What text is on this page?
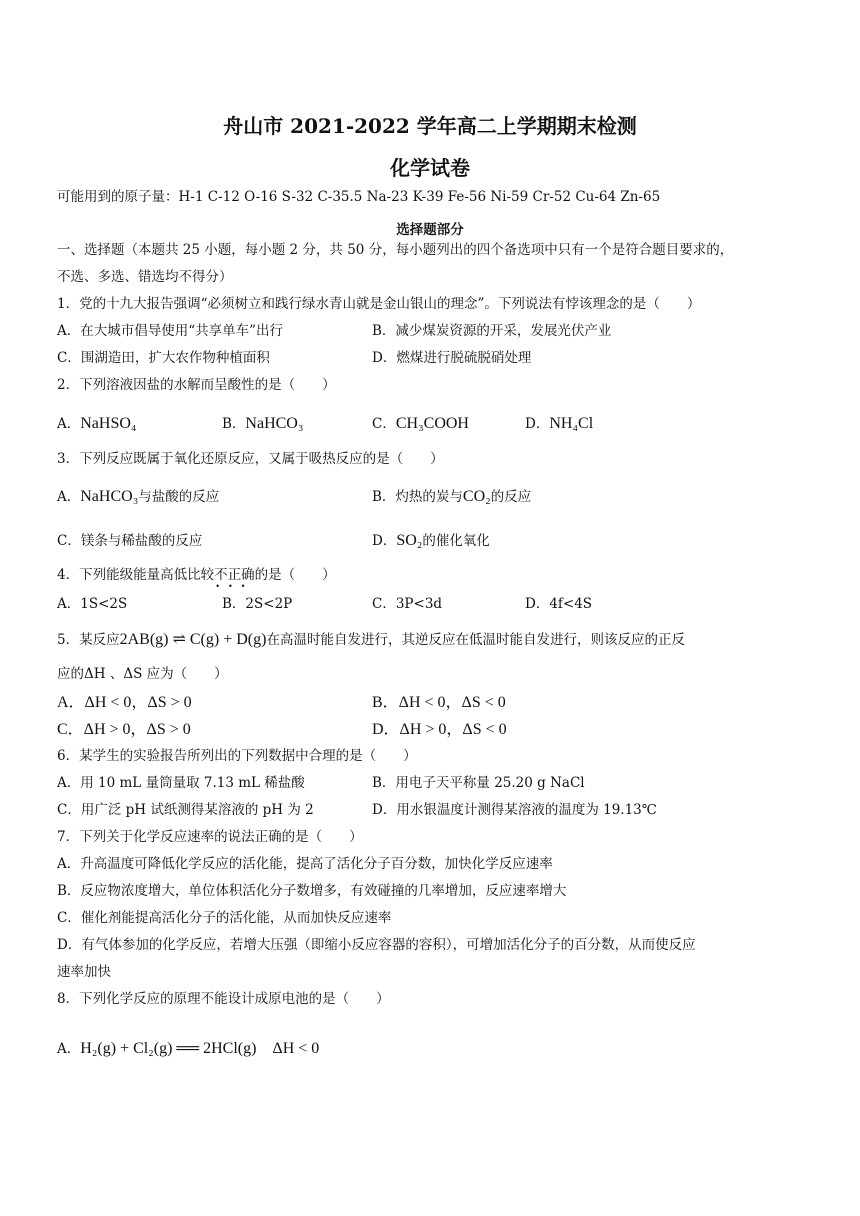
舟山市 2021-2022 学年高二上学期期末检测
化学试卷
可能用到的原子量：H-1 C-12 O-16 S-32 C-35.5 Na-23 K-39 Fe-56 Ni-59 Cr-52 Cu-64 Zn-65
选择题部分
一、选择题（本题共 25 小题，每小题 2 分，共 50 分，每小题列出的四个备选项中只有一个是符合题目要求的，
不选、多选、错选均不得分）
1．党的十九大报告强调“必须树立和践行绿水青山就是金山银山的理念”。下列说法有悖该理念的是（　　）
A．在大城市倡导使用“共享单车”出行	B．减少煤炭资源的开采，发展光伏产业
C．围湖造田，扩大农作物种植面积	D．燃煤进行脱硫脱硝处理
2．下列溶液因盐的水解而呈酸性的是（　　）
A．NaHSO₄	B．NaHCO₃	C．CH₃COOH	D．NH₄Cl
3．下列反应既属于氧化还原反应，又属于吸热反应的是（　　）
A．NaHCO₃与盐酸的反应	B．灼热的炭与CO₂的反应
C．镁条与稀盐酸的反应	D．SO₂的催化氧化
4．下列能级能量高低比较不正确
•••
的是（　　）
A．1S<2S	B．2S<2P	C．3P<3d	D．4f<4S
5．某反应2AB(g) ⇌ C(g) + D(g)在高温时能自发进行，其逆反应在低温时能自发进行，则该反应的正反
应的ΔH 、ΔS 应为（　　）
A．ΔH < 0，ΔS > 0	B．ΔH < 0，ΔS < 0
C．ΔH > 0，ΔS > 0	D．ΔH > 0，ΔS < 0
6．某学生的实验报告所列出的下列数据中合理的是（　　）
A．用 10 mL 量筒量取 7.13 mL 稀盐酸	B．用电子天平称量 25.20 g NaCl
C．用广泛 pH 试纸测得某溶液的 pH 为 2	D．用水银温度计测得某溶液的温度为 19.13℃
7．下列关于化学反应速率的说法正确的是（　　）
A．升高温度可降低化学反应的活化能，提高了活化分子百分数，加快化学反应速率
B．反应物浓度增大，单位体积活化分子数增多，有效碰撞的几率增加，反应速率增大
C．催化剂能提高活化分子的活化能，从而加快反应速率
D．有气体参加的化学反应，若增大压强（即缩小反应容器的容积），可增加活化分子的百分数，从而使反应
速率加快
8．下列化学反应的原理不能设计成原电池的是（　　）
A．H₂(g) + Cl₂(g) ══ 2HCl(g)　ΔH < 0
